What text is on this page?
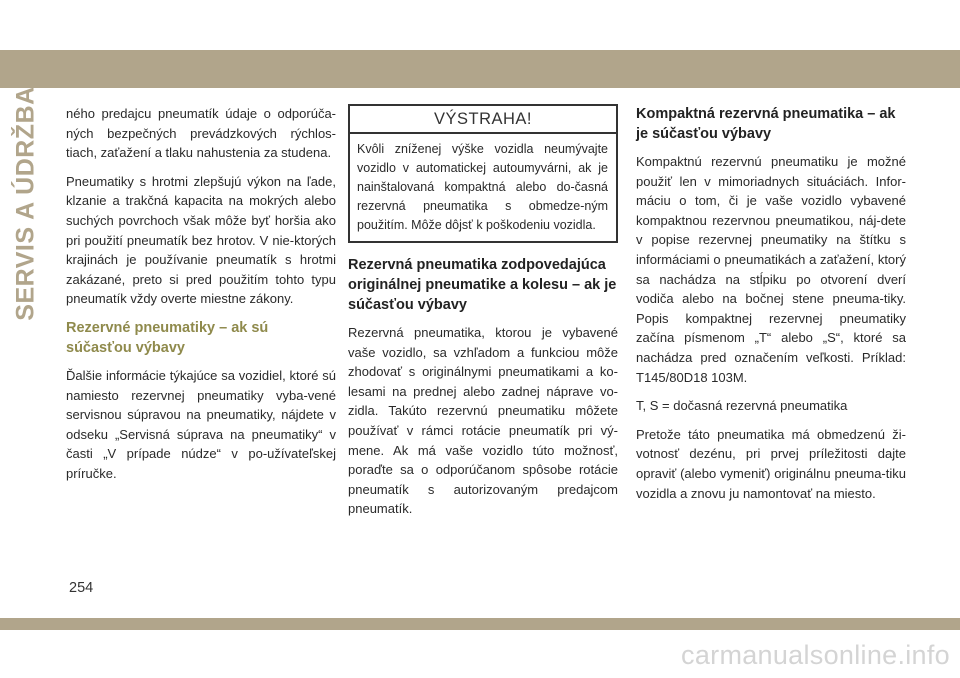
SERVIS A ÚDRŽBA ného predajcu pneumatík údaje o odporúča-ných bezpečných prevádzkových rýchlos-tiach, zaťažení a tlaku nahustenia za studena.

Pneumatiky s hrotmi zlepšujú výkon na ľade, klzanie a trakčná kapacita na mokrých alebo suchých povrchoch však môže byť horšia ako pri použití pneumatík bez hrotov. V nie-ktorých krajinách je používanie pneumatík s hrotmi zakázané, preto si pred použitím tohto typu pneumatík vždy overte miestne zákony.

Rezervné pneumatiky – ak sú
súčasťou výbavy

Ďalšie informácie týkajúce sa vozidiel, ktoré sú namiesto rezervnej pneumatiky vyba-vené servisnou súpravou na pneumatiky, nájdete v odseku „Servisná súprava na pneumatiky“ v časti „V prípade núdze“ v po-užívateľskej príručke.

VÝSTRAHA!
Kvôli zníženej výške vozidla neumývajte vozidlo v automatickej autoumyvárni, ak je nainštalovaná kompaktná alebo do-časná rezervná pneumatika s obmedze-ným použitím. Môže dôjsť k poškodeniu vozidla.
Rezervná pneumatika zodpovedajúca originálnej pneumatike a kolesu – ak je súčasťou výbavy

Rezervná pneumatika, ktorou je vybavené vaše vozidlo, sa vzhľadom a funkciou môže zhodovať s originálnymi pneumatikami a ko-lesami na prednej alebo zadnej náprave vo-zidla. Takúto rezervnú pneumatiku môžete používať v rámci rotácie pneumatík pri vý-mene. Ak má vaše vozidlo túto možnosť, poraďte sa o odporúčanom spôsobe rotácie pneumatík s autorizovaným predajcom pneumatík.

Kompaktná rezervná pneumatika – ak je súčasťou výbavy

Kompaktnú rezervnú pneumatiku je možné použiť len v mimoriadnych situáciách. Infor-máciu o tom, či je vaše vozidlo vybavené kompaktnou rezervnou pneumatikou, náj-dete v popise rezervnej pneumatiky na štítku s informáciami o pneumatikách a zaťažení, ktorý sa nachádza na stĺpiku po otvorení dverí vodiča alebo na bočnej stene pneuma-tiky. Popis kompaktnej rezervnej pneumatiky začína písmenom „T“ alebo „S“, ktoré sa nachádza pred označením veľkosti. Príklad: T145/80D18 103M.

T, S = dočasná rezervná pneumatika

Pretože táto pneumatika má obmedzenú ži-votnosť dezénu, pri prvej príležitosti dajte opraviť (alebo vymeniť) originálnu pneuma-tiku vozidla a znovu ju namontovať na miesto.

254
carmanualsonline.info
